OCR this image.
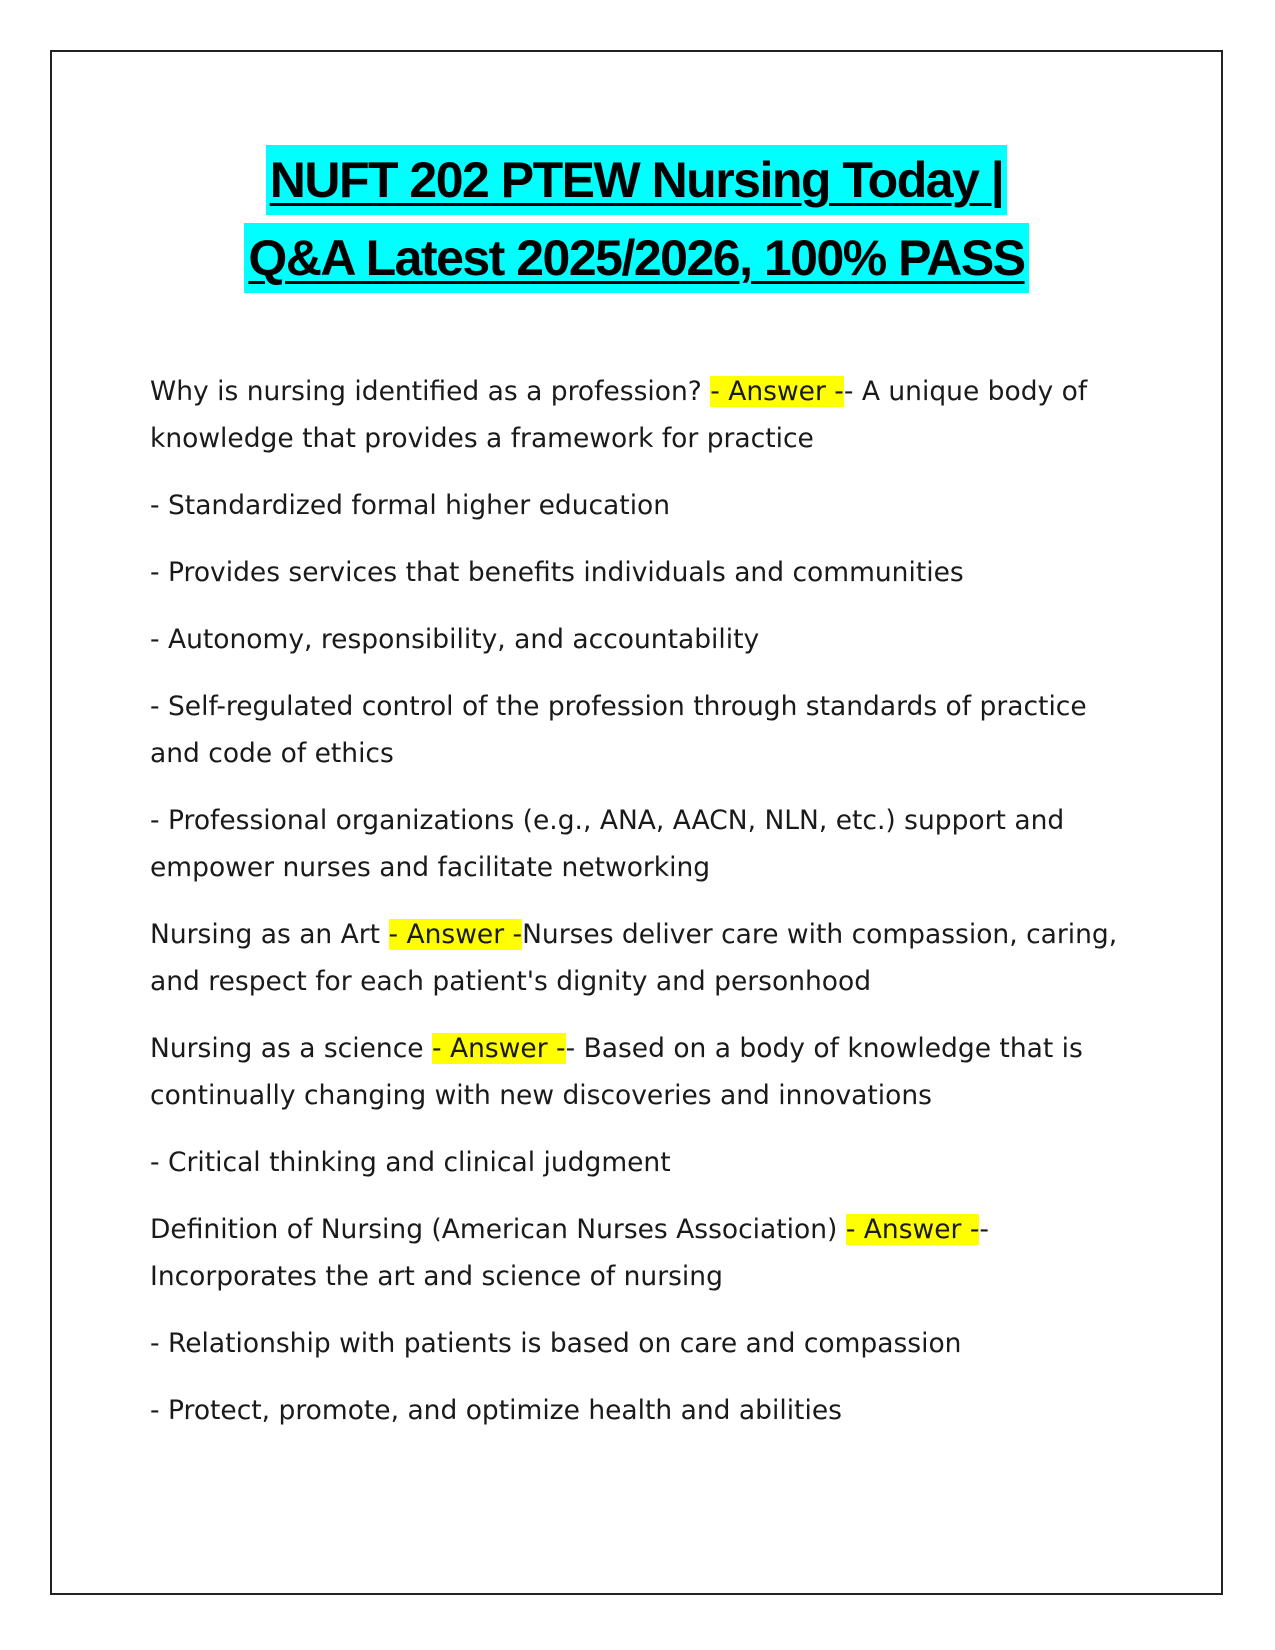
NUFT 202 PTEW Nursing Today |
Q&A Latest 2025/2026, 100% PASS

Why is nursing identified as a profession? - Answer -- A unique body of knowledge that provides a framework for practice

- Standardized formal higher education

- Provides services that benefits individuals and communities

- Autonomy, responsibility, and accountability

- Self-regulated control of the profession through standards of practice and code of ethics

- Professional organizations (e.g., ANA, AACN, NLN, etc.) support and empower nurses and facilitate networking

Nursing as an Art - Answer -Nurses deliver care with compassion, caring, and respect for each patient's dignity and personhood

Nursing as a science - Answer -- Based on a body of knowledge that is continually changing with new discoveries and innovations

- Critical thinking and clinical judgment

Definition of Nursing (American Nurses Association) - Answer --Incorporates the art and science of nursing

- Relationship with patients is based on care and compassion

- Protect, promote, and optimize health and abilities
